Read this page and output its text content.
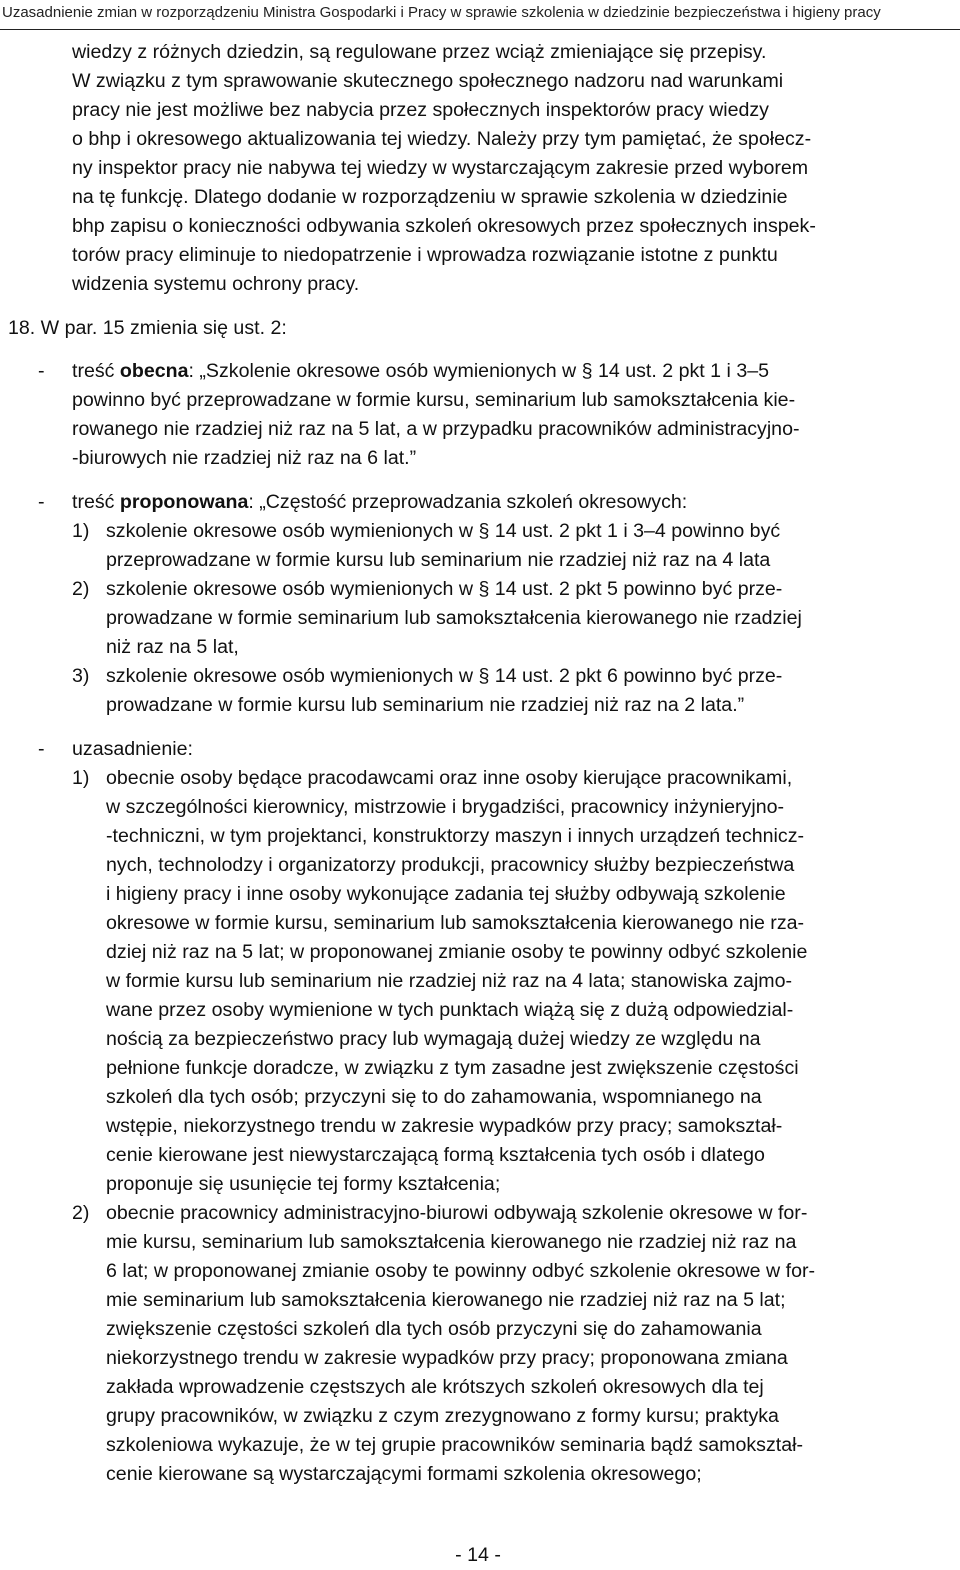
Uzasadnienie zmian w rozporządzeniu Ministra Gospodarki i Pracy w sprawie szkolenia w dziedzinie bezpieczeństwa i higieny pracy
wiedzy z różnych dziedzin, są regulowane przez wciąż zmieniające się przepisy.
W związku z tym sprawowanie skutecznego społecznego nadzoru nad warunkami
pracy nie jest możliwe bez nabycia przez społecznych inspektorów pracy wiedzy
o bhp i okresowego aktualizowania tej wiedzy. Należy przy tym pamiętać, że społecz-
ny inspektor pracy nie nabywa tej wiedzy w wystarczającym zakresie przed wyborem
na tę funkcję. Dlatego dodanie w rozporządzeniu w sprawie szkolenia w dziedzinie
bhp zapisu o konieczności odbywania szkoleń okresowych przez społecznych inspek-
torów pracy eliminuje to niedopatrzenie i wprowadza rozwiązanie istotne z punktu
widzenia systemu ochrony pracy.
18. W par. 15 zmienia się ust. 2:
- treść obecna: „Szkolenie okresowe osób wymienionych w § 14 ust. 2 pkt 1 i 3–5
powinno być przeprowadzane w formie kursu, seminarium lub samokształcenia kie-
rowanego nie rzadziej niż raz na 5 lat, a w przypadku pracowników administracyjno-
-biurowych nie rzadziej niż raz na 6 lat.”
- treść proponowana: „Częstość przeprowadzania szkoleń okresowych:
1) szkolenie okresowe osób wymienionych w § 14 ust. 2 pkt 1 i 3–4 powinno być
przeprowadzane w formie kursu lub seminarium nie rzadziej niż raz na 4 lata
2) szkolenie okresowe osób wymienionych w § 14 ust. 2 pkt 5 powinno być prze-
prowadzane w formie seminarium lub samokształcenia kierowanego nie rzadziej
niż raz na 5 lat,
3) szkolenie okresowe osób wymienionych w § 14 ust. 2 pkt 6 powinno być prze-
prowadzane w formie kursu lub seminarium nie rzadziej niż raz na 2 lata.”
- uzasadnienie:
1) obecnie osoby będące pracodawcami oraz inne osoby kierujące pracownikami,
w szczególności kierownicy, mistrzowie i brygadziści, pracownicy inżynieryjno-
-techniczni, w tym projektanci, konstruktorzy maszyn i innych urządzeń technicz-
nych, technolodzy i organizatorzy produkcji, pracownicy służby bezpieczeństwa
i higieny pracy i inne osoby wykonujące zadania tej służby odbywają szkolenie
okresowe w formie kursu, seminarium lub samokształcenia kierowanego nie rza-
dziej niż raz na 5 lat; w proponowanej zmianie osoby te powinny odbyć szkolenie
w formie kursu lub seminarium nie rzadziej niż raz na 4 lata; stanowiska zajmo-
wane przez osoby wymienione w tych punktach wiążą się z dużą odpowiedzial-
nością za bezpieczeństwo pracy lub wymagają dużej wiedzy ze względu na
pełnione funkcje doradcze, w związku z tym zasadne jest zwiększenie częstości
szkoleń dla tych osób; przyczyni się to do zahamowania, wspomnianego na
wstępie, niekorzystnego trendu w zakresie wypadków przy pracy; samokształ-
cenie kierowane jest niewystarczającą formą kształcenia tych osób i dlatego
proponuje się usunięcie tej formy kształcenia;
2) obecnie pracownicy administracyjno-biurowi odbywają szkolenie okresowe w for-
mie kursu, seminarium lub samokształcenia kierowanego nie rzadziej niż raz na
6 lat; w proponowanej zmianie osoby te powinny odbyć szkolenie okresowe w for-
mie seminarium lub samokształcenia kierowanego nie rzadziej niż raz na 5 lat;
zwiększenie częstości szkoleń dla tych osób przyczyni się do zahamowania
niekorzystnego trendu w zakresie wypadków przy pracy; proponowana zmiana
zakłada wprowadzenie częstszych ale krótszych szkoleń okresowych dla tej
grupy pracowników, w związku z czym zrezygnowano z formy kursu; praktyka
szkoleniowa wykazuje, że w tej grupie pracowników seminaria bądź samokształ-
cenie kierowane są wystarczającymi formami szkolenia okresowego;
- 14 -
